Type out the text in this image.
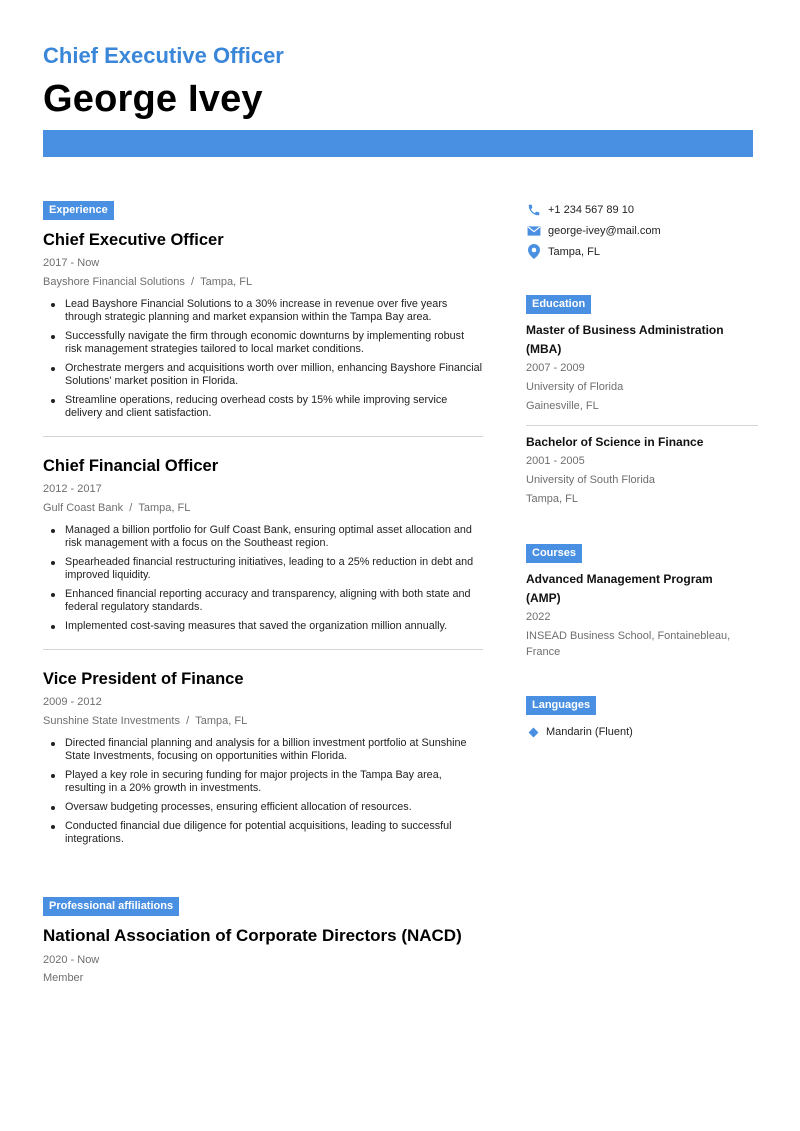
Chief Executive Officer
George Ivey
Experience
Chief Executive Officer
2017 - Now
Bayshore Financial Solutions  /  Tampa, FL
Lead Bayshore Financial Solutions to a 30% increase in revenue over five years through strategic planning and market expansion within the Tampa Bay area.
Successfully navigate the firm through economic downturns by implementing robust risk management strategies tailored to local market conditions.
Orchestrate mergers and acquisitions worth over million, enhancing Bayshore Financial Solutions' market position in Florida.
Streamline operations, reducing overhead costs by 15% while improving service delivery and client satisfaction.
Chief Financial Officer
2012 - 2017
Gulf Coast Bank  /  Tampa, FL
Managed a billion portfolio for Gulf Coast Bank, ensuring optimal asset allocation and risk management with a focus on the Southeast region.
Spearheaded financial restructuring initiatives, leading to a 25% reduction in debt and improved liquidity.
Enhanced financial reporting accuracy and transparency, aligning with both state and federal regulatory standards.
Implemented cost-saving measures that saved the organization million annually.
Vice President of Finance
2009 - 2012
Sunshine State Investments  /  Tampa, FL
Directed financial planning and analysis for a billion investment portfolio at Sunshine State Investments, focusing on opportunities within Florida.
Played a key role in securing funding for major projects in the Tampa Bay area, resulting in a 20% growth in investments.
Oversaw budgeting processes, ensuring efficient allocation of resources.
Conducted financial due diligence for potential acquisitions, leading to successful integrations.
Professional affiliations
National Association of Corporate Directors (NACD)
2020 - Now
Member
+1 234 567 89 10
george-ivey@mail.com
Tampa, FL
Education
Master of Business Administration
(MBA)
2007 - 2009
University of Florida
Gainesville, FL
Bachelor of Science in Finance
2001 - 2005
University of South Florida
Tampa, FL
Courses
Advanced Management Program
(AMP)
2022
INSEAD Business School, Fontainebleau,
France
Languages
Mandarin (Fluent)
